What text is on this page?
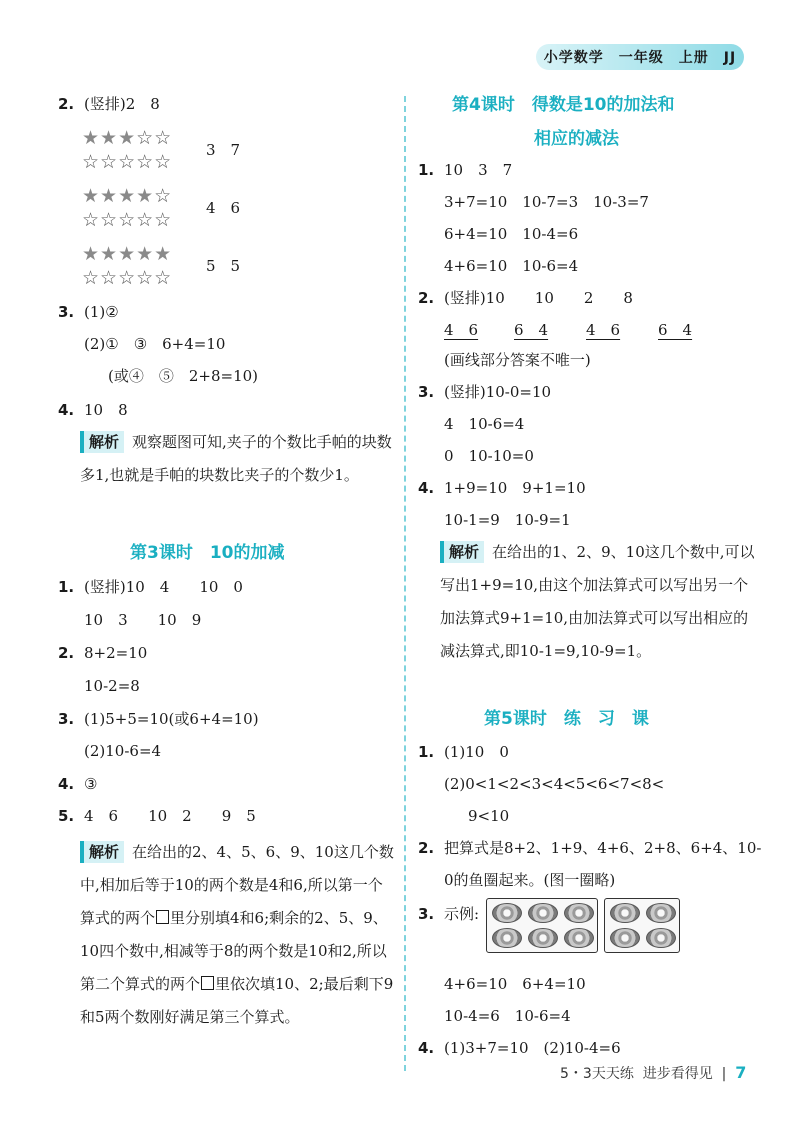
小学数学　一年级　上册　JJ
2. (竖排)2　8
★★★☆☆
☆☆☆☆☆
3　7
★★★★☆
☆☆☆☆☆
4　6
★★★★★
☆☆☆☆☆
5　5
3. (1)②
(2)①　③　6+4=10
(或④　⑤　2+8=10)
4. 10　8
解析 观察题图可知,夹子的个数比手帕的块数多1,也就是手帕的块数比夹子的个数少1。
第3课时　10的加减
1. (竖排)10　4　　10　0
10　3　　10　9
2. 8+2=10
10-2=8
3. (1)5+5=10(或6+4=10)
(2)10-6=4
4. ③
5. 4　6　　10　2　　9　5
解析 在给出的2、4、5、6、9、10这几个数中,相加后等于10的两个数是4和6,所以第一个算式的两个 里分别填4和6;剩余的2、5、9、10四个数中,相减等于8的两个数是10和2,所以第二个算式的两个 里依次填10、2;最后剩下9和5两个数刚好满足第三个算式。
第4课时　得数是10的加法和
相应的减法
1. 10　3　7
3+7=10　10-7=3　10-3=7
6+4=10　10-4=6
4+6=10　10-6=4
2. (竖排)10　　10　　2　　8
4　6 6　4	4　6	6　4
(画线部分答案不唯一)
3. (竖排)10-0=10
4　10-6=4
0　10-10=0
4. 1+9=10　9+1=10
10-1=9　10-9=1
解析 在给出的1、2、9、10这几个数中,可以写出1+9=10,由这个加法算式可以写出另一个加法算式9+1=10,由加法算式可以写出相应的减法算式,即10-1=9,10-9=1。
第5课时　练　习　课
1. (1)10　0
(2)0<1<2<3<4<5<6<7<8<
9<10
2. 把算式是8+2、1+9、4+6、2+8、6+4、10-0的鱼圈起来。(图一圈略)
3. 示例:
4+6=10　6+4=10
10-4=6　10-6=4
4. (1)3+7=10　(2)10-4=6
5・3天天练  进步看得见  |  7
